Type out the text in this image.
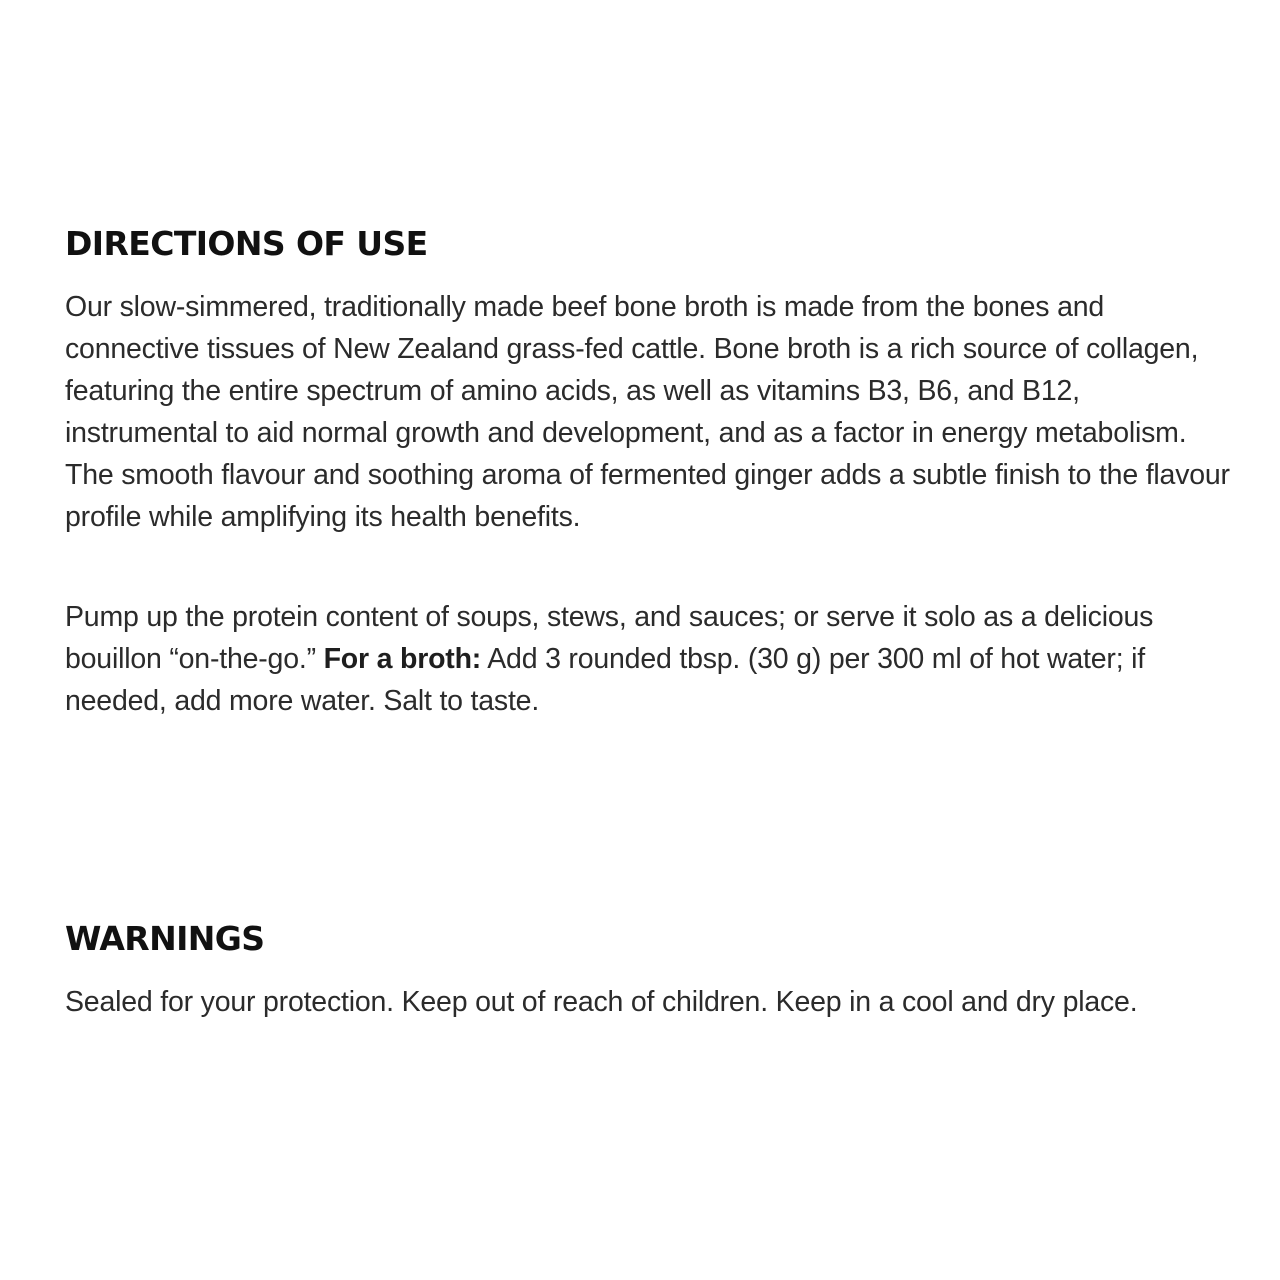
DIRECTIONS OF USE

Our slow-simmered, traditionally made beef bone broth is made from the bones and connective tissues of New Zealand grass-fed cattle. Bone broth is a rich source of collagen, featuring the entire spectrum of amino acids, as well as vitamins B3, B6, and B12, instrumental to aid normal growth and development, and as a factor in energy metabolism. The smooth flavour and soothing aroma of fermented ginger adds a subtle finish to the flavour profile while amplifying its health benefits.

Pump up the protein content of soups, stews, and sauces; or serve it solo as a delicious bouillon “on-the-go.” For a broth: Add 3 rounded tbsp. (30 g) per 300 ml of hot water; if needed, add more water. Salt to taste.

WARNINGS

Sealed for your protection. Keep out of reach of children. Keep in a cool and dry place.
